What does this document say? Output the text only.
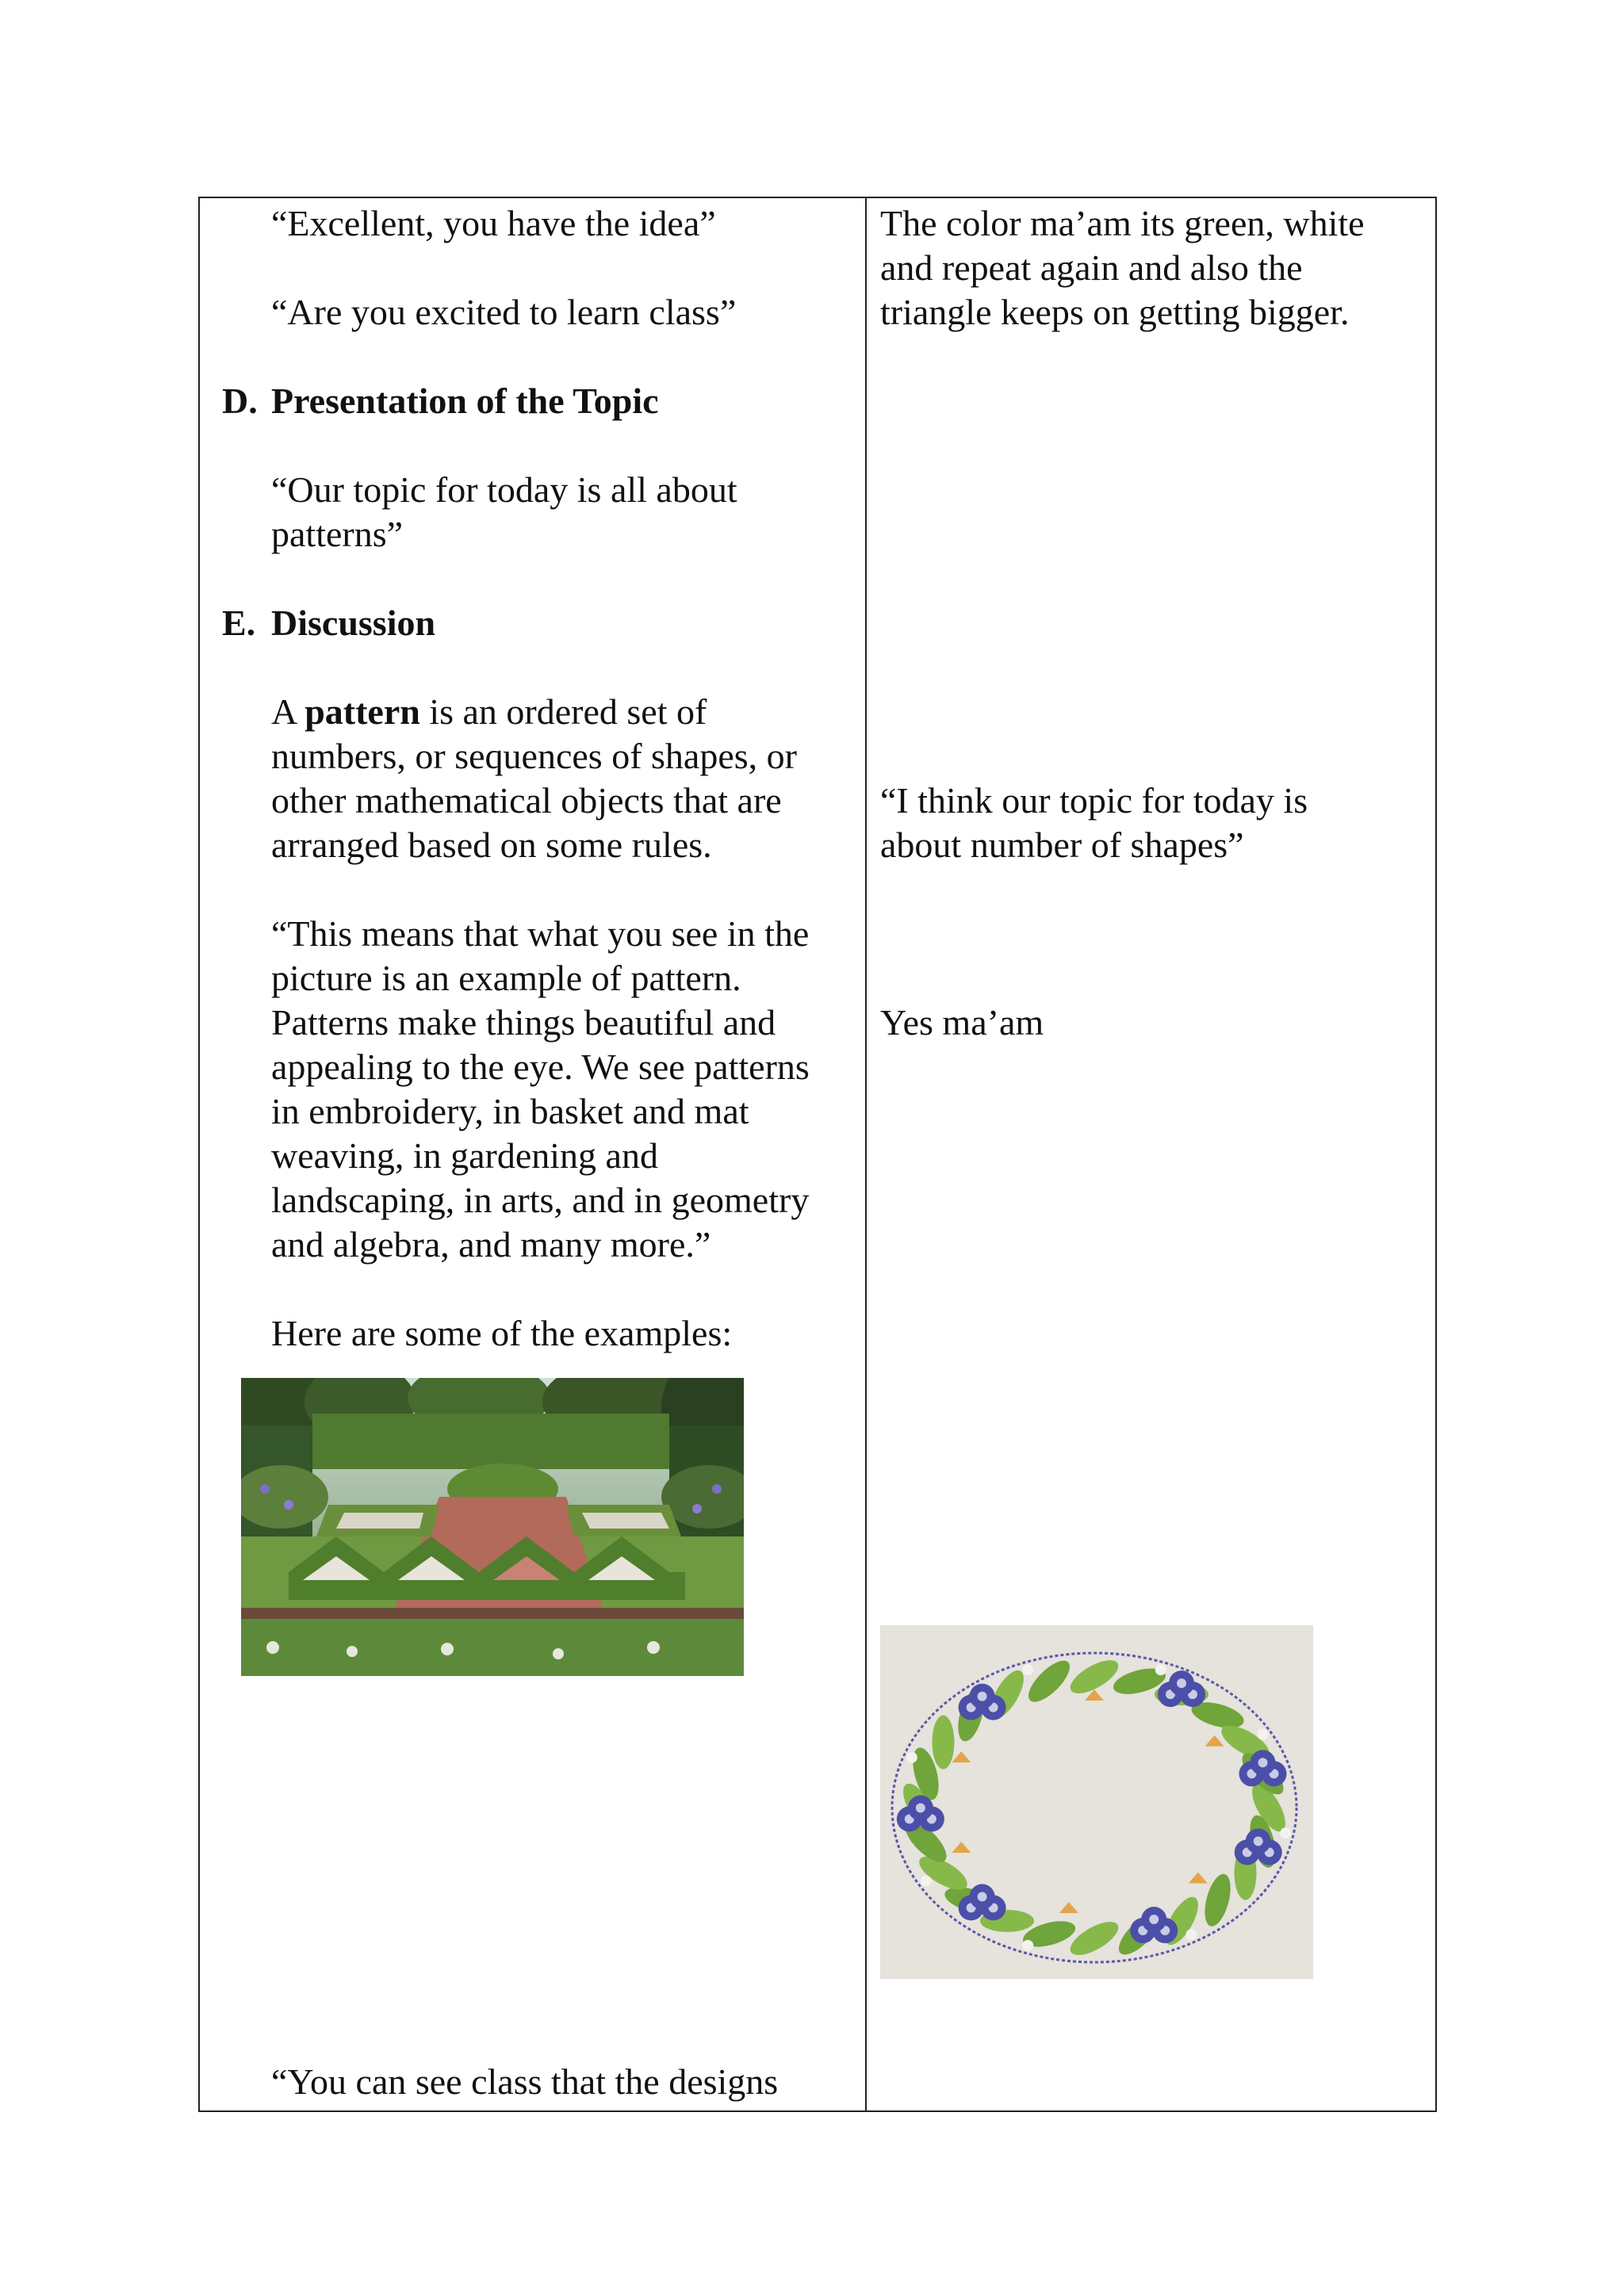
“Excellent, you have the idea”
“Are you excited to learn class”
D. Presentation of the Topic
“Our topic for today is all about
patterns”
E. Discussion
A pattern is an ordered set of
numbers, or sequences of shapes, or
other mathematical objects that are
arranged based on some rules.
“This means that what you see in the
picture is an example of pattern.
Patterns make things beautiful and
appealing to the eye. We see patterns
in embroidery, in basket and mat
weaving, in gardening and
landscaping, in arts, and in geometry
and algebra, and many more.”
Here are some of the examples:
“You can see class that the designs
The color ma’am its green, white
and repeat again and also the
triangle keeps on getting bigger.
“I think our topic for today is
about number of shapes”
Yes ma’am
